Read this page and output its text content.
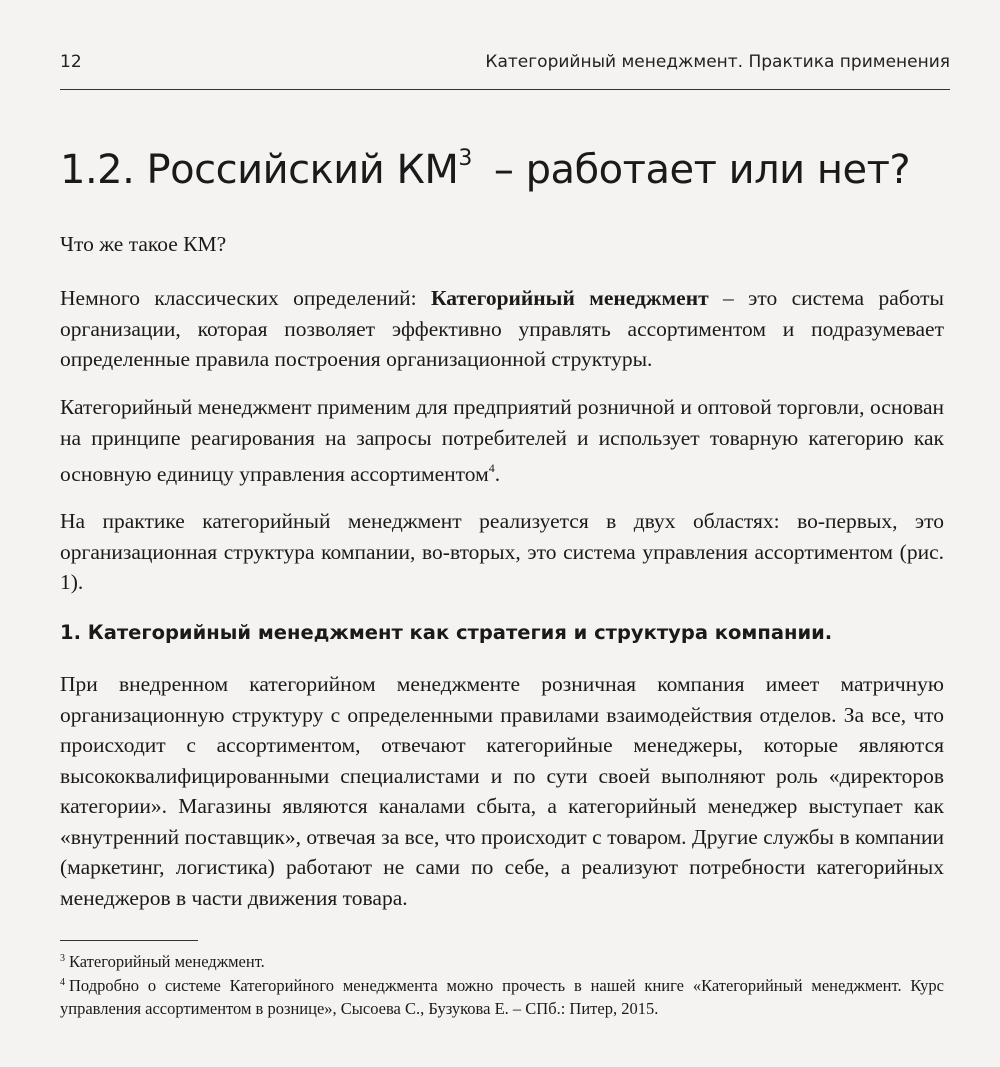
12	Категорийный менеджмент. Практика применения
1.2. Российский $КМ^3$ – работает или нет?

Что же такое КМ?

Немного классических определений: Категорийный менеджмент – это система работы организации, которая позволяет эффективно управлять ассортиментом и подразумевает определенные правила построения организационной структуры.

Категорийный менеджмент применим для предприятий розничной и оптовой торговли, основан на принципе реагирования на запросы потребителей и использует товарную категорию как основную единицу управления ассортиментом$^4$.

На практике категорийный менеджмент реализуется в двух областях: во-первых, это организационная структура компании, во-вторых, это система управления ассортиментом (рис. 1).

1. Категорийный менеджмент как стратегия и структура компании.

При внедренном категорийном менеджменте розничная компания имеет матричную организационную структуру с определенными правилами взаимодействия отделов. За все, что происходит с ассортиментом, отвечают категорийные менеджеры, которые являются высококвалифицированными специалистами и по сути своей выполняют роль «директоров категории». Магазины являются каналами сбыта, а категорийный менеджер выступает как «внутренний поставщик», отвечая за все, что происходит с товаром. Другие службы в компании (маркетинг, логистика) работают не сами по себе, а реализуют потребности категорийных менеджеров в части движения товара.

$^3$ Категорийный менеджмент.

$^4$ Подробно о системе Категорийного менеджмента можно прочесть в нашей книге «Категорийный менеджмент. Курс управления ассортиментом в рознице», Сысоева С., Бузукова Е. – СПб.: Питер, 2015.
